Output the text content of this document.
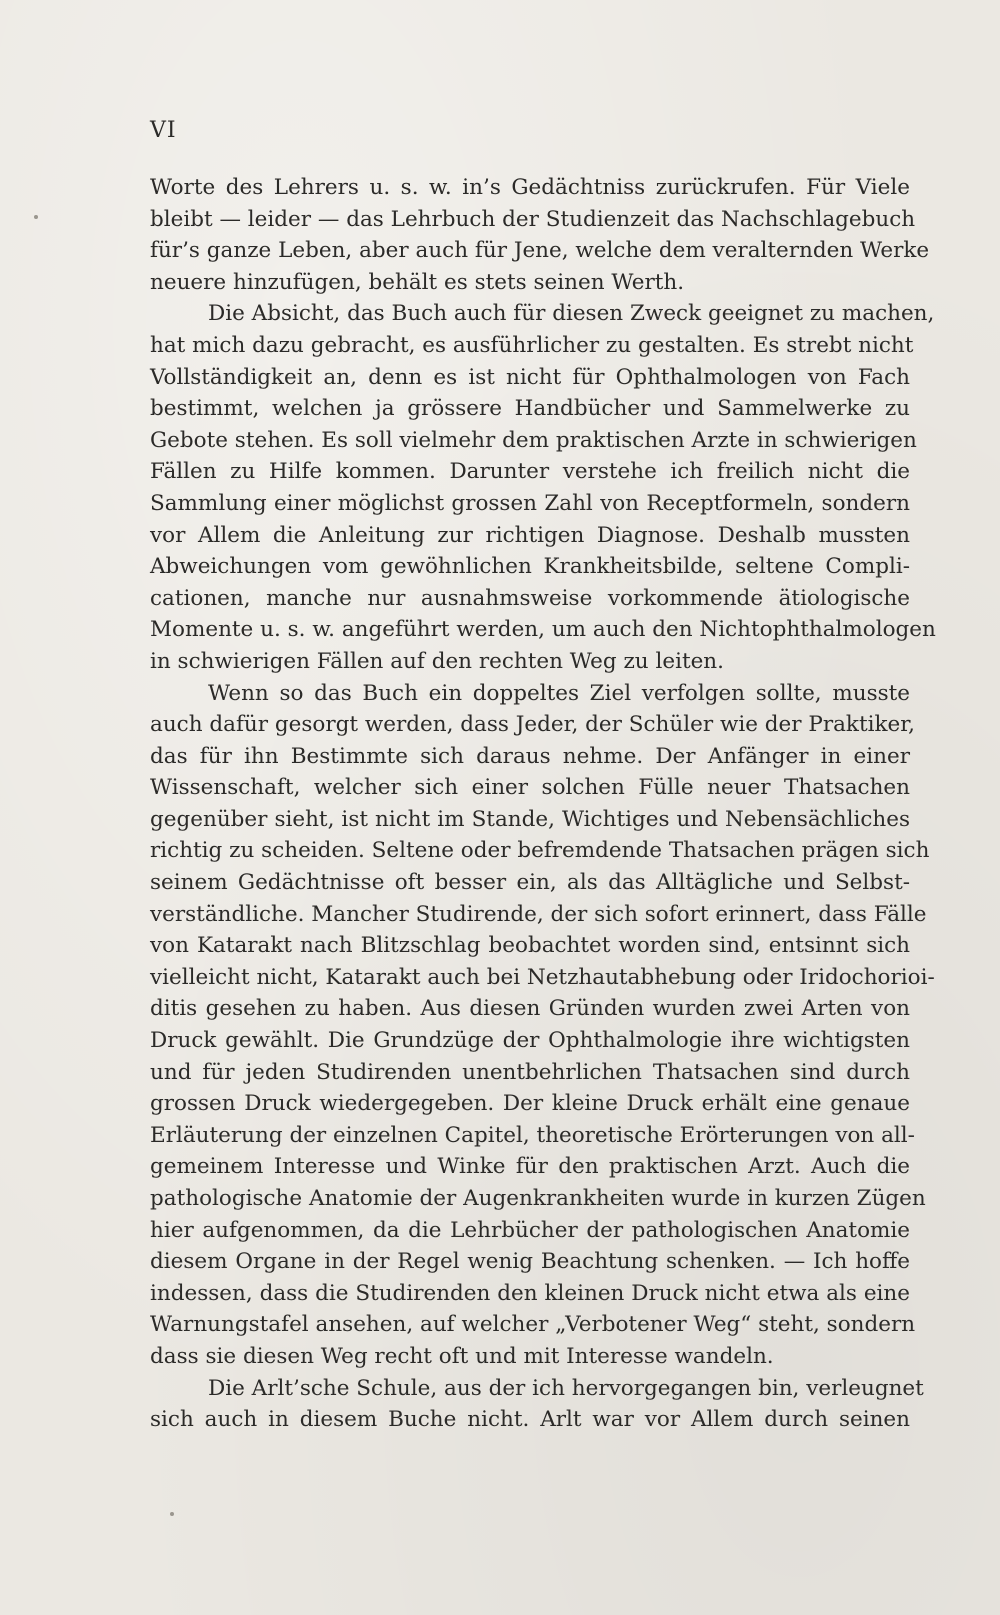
VI
Worte des Lehrers u. s. w. in’s Gedächtniss zurückrufen. Für Viele
bleibt — leider — das Lehrbuch der Studienzeit das Nachschlagebuch
für’s ganze Leben, aber auch für Jene, welche dem veralternden Werke
neuere hinzufügen, behält es stets seinen Werth.
Die Absicht, das Buch auch für diesen Zweck geeignet zu machen,
hat mich dazu gebracht, es ausführlicher zu gestalten. Es strebt nicht
Vollständigkeit an, denn es ist nicht für Ophthalmologen von Fach
bestimmt, welchen ja grössere Handbücher und Sammelwerke zu
Gebote stehen. Es soll vielmehr dem praktischen Arzte in schwierigen
Fällen zu Hilfe kommen. Darunter verstehe ich freilich nicht die
Sammlung einer möglichst grossen Zahl von Receptformeln, sondern
vor Allem die Anleitung zur richtigen Diagnose. Deshalb mussten
Abweichungen vom gewöhnlichen Krankheitsbilde, seltene Compli-
cationen, manche nur ausnahmsweise vorkommende ätiologische
Momente u. s. w. angeführt werden, um auch den Nichtophthalmologen
in schwierigen Fällen auf den rechten Weg zu leiten.
Wenn so das Buch ein doppeltes Ziel verfolgen sollte, musste
auch dafür gesorgt werden, dass Jeder, der Schüler wie der Praktiker,
das für ihn Bestimmte sich daraus nehme. Der Anfänger in einer
Wissenschaft, welcher sich einer solchen Fülle neuer Thatsachen
gegenüber sieht, ist nicht im Stande, Wichtiges und Nebensächliches
richtig zu scheiden. Seltene oder befremdende Thatsachen prägen sich
seinem Gedächtnisse oft besser ein, als das Alltägliche und Selbst-
verständliche. Mancher Studirende, der sich sofort erinnert, dass Fälle
von Katarakt nach Blitzschlag beobachtet worden sind, entsinnt sich
vielleicht nicht, Katarakt auch bei Netzhautabhebung oder Iridochorioi-
ditis gesehen zu haben. Aus diesen Gründen wurden zwei Arten von
Druck gewählt. Die Grundzüge der Ophthalmologie ihre wichtigsten
und für jeden Studirenden unentbehrlichen Thatsachen sind durch
grossen Druck wiedergegeben. Der kleine Druck erhält eine genaue
Erläuterung der einzelnen Capitel, theoretische Erörterungen von all-
gemeinem Interesse und Winke für den praktischen Arzt. Auch die
pathologische Anatomie der Augenkrankheiten wurde in kurzen Zügen
hier aufgenommen, da die Lehrbücher der pathologischen Anatomie
diesem Organe in der Regel wenig Beachtung schenken. — Ich hoffe
indessen, dass die Studirenden den kleinen Druck nicht etwa als eine
Warnungstafel ansehen, auf welcher „Verbotener Weg“ steht, sondern
dass sie diesen Weg recht oft und mit Interesse wandeln.
Die Arlt’sche Schule, aus der ich hervorgegangen bin, verleugnet
sich auch in diesem Buche nicht. Arlt war vor Allem durch seinen
